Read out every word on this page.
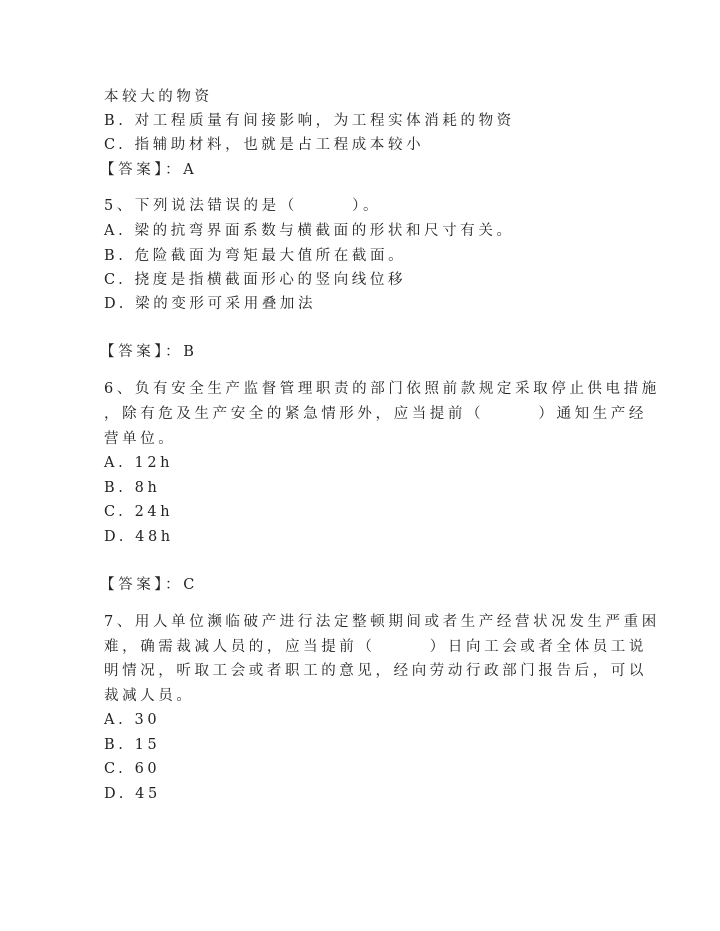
本较大的物资
B. 对工程质量有间接影响，为工程实体消耗的物资
C. 指辅助材料，也就是占工程成本较小
【答案】：A
5、下列说法错误的是（　　　）。
A. 梁的抗弯界面系数与横截面的形状和尺寸有关。
B. 危险截面为弯矩最大值所在截面。
C. 挠度是指横截面形心的竖向线位移
D. 梁的变形可采用叠加法
【答案】：B
6、负有安全生产监督管理职责的部门依照前款规定采取停止供电措施
，除有危及生产安全的紧急情形外，应当提前（　　　）通知生产经
营单位。
A. 12h
B. 8h
C. 24h
D. 48h
【答案】：C
7、用人单位濒临破产进行法定整顿期间或者生产经营状况发生严重困
难，确需裁减人员的，应当提前（　　　）日向工会或者全体员工说
明情况，听取工会或者职工的意见，经向劳动行政部门报告后，可以
裁减人员。
A. 30
B. 15
C. 60
D. 45
